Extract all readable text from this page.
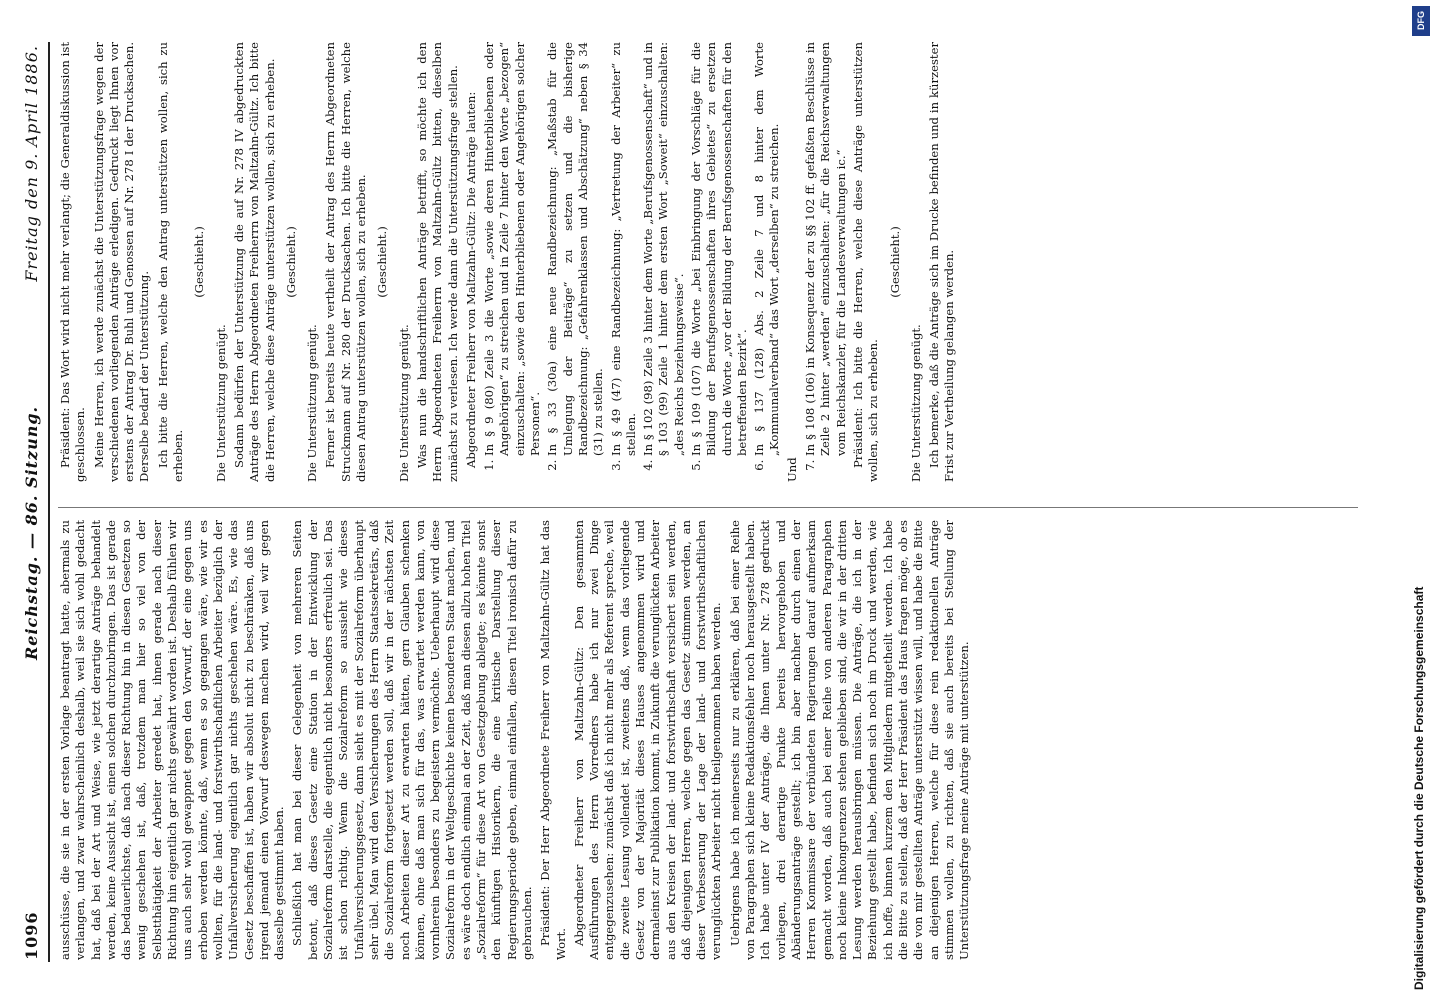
1096
Reichstag. — 86. Sitzung.
Freitag den 9. April 1886.

ausschüsse, die sie in der ersten Vorlage beantragt hatte, abermals zu verlangen, und zwar wahrscheinlich deshalb, weil sie sich wohl gedacht hat, daß bei der Art und Weise, wie jetzt derartige Anträge behandelt werden, keine Aussicht ist, einen solchen durchzubringen. Das ist gerade das bedauerlichste, daß nach dieser Richtung hin in diesen Gesetzen so wenig geschehen ist, daß, trotzdem man hier so viel von der Selbstthätigkeit der Arbeiter geredet hat, ihnen gerade nach dieser Richtung hin eigentlich gar nichts gewährt worden ist. Deshalb fühlen wir uns auch sehr wohl gewappnet gegen den Vorwurf, der eine gegen uns erhoben werden könnte, daß, wenn es so gegangen wäre, wie wir es wollten, für die land- und forstwirthschaftlichen Arbeiter bezüglich der Unfallversicherung eigentlich gar nichts geschehen wäre. Es, wie das Gesetz beschaffen ist, haben wir absolut nicht zu beschränken, daß uns irgend jemand einen Vorwurf deswegen machen wird, weil wir gegen dasselbe gestimmt haben. Schließlich hat man bei dieser Gelegenheit von mehreren Seiten betont, daß dieses Gesetz eine Station in der Entwicklung der Sozialreform darstelle, die eigentlich nicht besonders erfreulich sei. Das ist schon richtig. Wenn die Sozialreform so aussieht wie dieses Unfallversicherungsgesetz, dann sieht es mit der Sozialreform überhaupt sehr übel. Man wird den Versicherungen des Herrn Staatssekretärs, daß die Sozialreform fortgesetzt werden soll, daß wir in der nächsten Zeit noch Arbeiten dieser Art zu erwarten hätten, gern Glauben schenken können, ohne daß man sich für das, was erwartet werden kann, von vornherein besonders zu begeistern vermöchte. Ueberhaupt wird diese Sozialreform in der Weltgeschichte keinen besonderen Staat machen, und es wäre doch endlich einmal an der Zeit, daß man diesen allzu hohen Titel „Sozialreform“ für diese Art von Gesetzgebung ablegte; es könnte sonst den künftigen Historikern, die eine kritische Darstellung dieser Regierungsperiode geben, einmal einfallen, diesen Titel ironisch dafür zu gebrauchen. Präsident: Der Herr Abgeordnete Freiherr von Maltzahn-Gültz hat das Wort. Abgeordneter Freiherr von Maltzahn-Gültz: Den gesammten Ausführungen des Herrn Vorredners habe ich nur zwei Dinge entgegenzusehen: zunächst daß ich nicht mehr als Referent spreche, weil die zweite Lesung vollendet ist, zweitens daß, wenn das vorliegende Gesetz von der Majorität dieses Hauses angenommen wird und dermaleinst zur Publikation kommt, in Zukunft die verunglückten Arbeiter aus den Kreisen der land- und forstwirthschaft versichert sein werden, daß diejenigen Herren, welche gegen das Gesetz stimmen werden, an dieser Verbesserung der Lage der land- und forstwirthschaftlichen verunglückten Arbeiter nicht theilgenommen haben werden. Uebrigens habe ich meinerseits nur zu erklären, daß bei einer Reihe von Paragraphen sich kleine Redaktionsfehler noch herausgestellt haben. Ich habe unter IV der Anträge, die Ihnen unter Nr. 278 gedruckt vorliegen, drei derartige Punkte bereits hervorgehoben und Abänderungsanträge gestellt; ich bin aber nachher durch einen der Herren Kommissare der verbündeten Regierungen darauf aufmerksam gemacht worden, daß auch bei einer Reihe von anderen Paragraphen noch kleine Inkongruenzen stehen geblieben sind, die wir in der dritten Lesung werden herausbringen müssen. Die Anträge, die ich in der Beziehung gestellt habe, befinden sich noch im Druck und werden, wie ich hoffe, binnen kurzem den Mitgliedern mitgetheilt werden. Ich habe die Bitte zu stellen, daß der Herr Präsident das Haus fragen möge, ob es die von mir gestellten Anträge unterstützt wissen will, und habe die Bitte an diejenigen Herren, welche für diese rein redaktionellen Anträge stimmen wollen, zu richten, daß sie auch bereits bei Stellung der Unterstützungsfrage meine Anträge mit unterstützen.

Präsident: Das Wort wird nicht mehr verlangt; die Generaldiskussion ist geschlossen. Meine Herren, ich werde zunächst die Unterstützungsfrage wegen der verschiedenen vorliegenden Anträge erledigen. Gedruckt liegt Ihnen vor erstens der Antrag Dr. Buhl und Genossen auf Nr. 278 I der Drucksachen. Derselbe bedarf der Unterstützung. Ich bitte die Herren, welche den Antrag unterstützen wollen, sich zu erheben.

(Geschieht.)

Die Unterstützung genügt. Sodann bedürfen der Unterstützung die auf Nr. 278 IV abgedruckten Anträge des Herrn Abgeordneten Freiherrn von Maltzahn-Gültz. Ich bitte die Herren, welche diese Anträge unterstützen wollen, sich zu erheben. (Geschieht.)

Die Unterstützung genügt. Ferner ist bereits heute vertheilt der Antrag des Herrn Abgeordneten Struckmann auf Nr. 280 der Drucksachen. Ich bitte die Herren, welche diesen Antrag unterstützen wollen, sich zu erheben. (Geschieht.)

Die Unterstützung genügt. Was nun die handschriftlichen Anträge betrifft, so möchte ich den Herrn Abgeordneten Freiherrn von Maltzahn-Gültz bitten, dieselben zunächst zu verlesen. Ich werde dann die Unterstützungsfrage stellen. Abgeordneter Freiherr von Maltzahn-Gültz: Die Anträge lauten: 1. In § 9 (80) Zeile 3 die Worte „sowie deren Hinterbliebenen oder Angehörigen“ zu streichen und in Zeile 7 hinter den Worte „bezogen“ einzuschalten: „sowie den Hinterbliebenen oder Angehörigen solcher Personen“. 2. In § 33 (30a) eine neue Randbezeichnung: „Maßstab für die Umlegung der Beiträge“ zu setzen und die bisherige Randbezeichnung: „Gefahrenklassen und Abschätzung“ neben § 34 (31) zu stellen. 3. In § 49 (47) eine Randbezeichnung: „Vertretung der Arbeiter“ zu stellen. 4. In § 102 (98) Zeile 3 hinter dem Worte „Berufsgenossenschaft“ und in § 103 (99) Zeile 1 hinter dem ersten Wort „Soweit“ einzuschalten: „des Reichs beziehungsweise“. 5. In § 109 (107) die Worte „bei Einbringung der Vorschläge für die Bildung der Berufsgenossenschaften ihres Gebietes“ zu ersetzen durch die Worte „vor der Bildung der Berufsgenossenschaften für den betreffenden Bezirk“. 6. In § 137 (128) Abs. 2 Zeile 7 und 8 hinter dem Worte „Kommunalverband“ das Wort „derselben“ zu streichen.

Und

7. In § 108 (106) in Konsequenz der zu §§ 102 ff. gefaßten Beschlüsse in Zeile 2 hinter „werden“ einzuschalten: „für die Reichsverwaltungen vom Reichskanzler, für die Landesverwaltungen ic.“ Präsident: Ich bitte die Herren, welche diese Anträge unterstützen wollen, sich zu erheben.

(Geschieht.)

Die Unterstützung genügt. Ich bemerke, daß die Anträge sich im Drucke befinden und in kürzester Frist zur Vertheilung gelangen werden.

Digitalisierung gefördert durch die Deutsche Forschungsgemeinschaft
DFG
